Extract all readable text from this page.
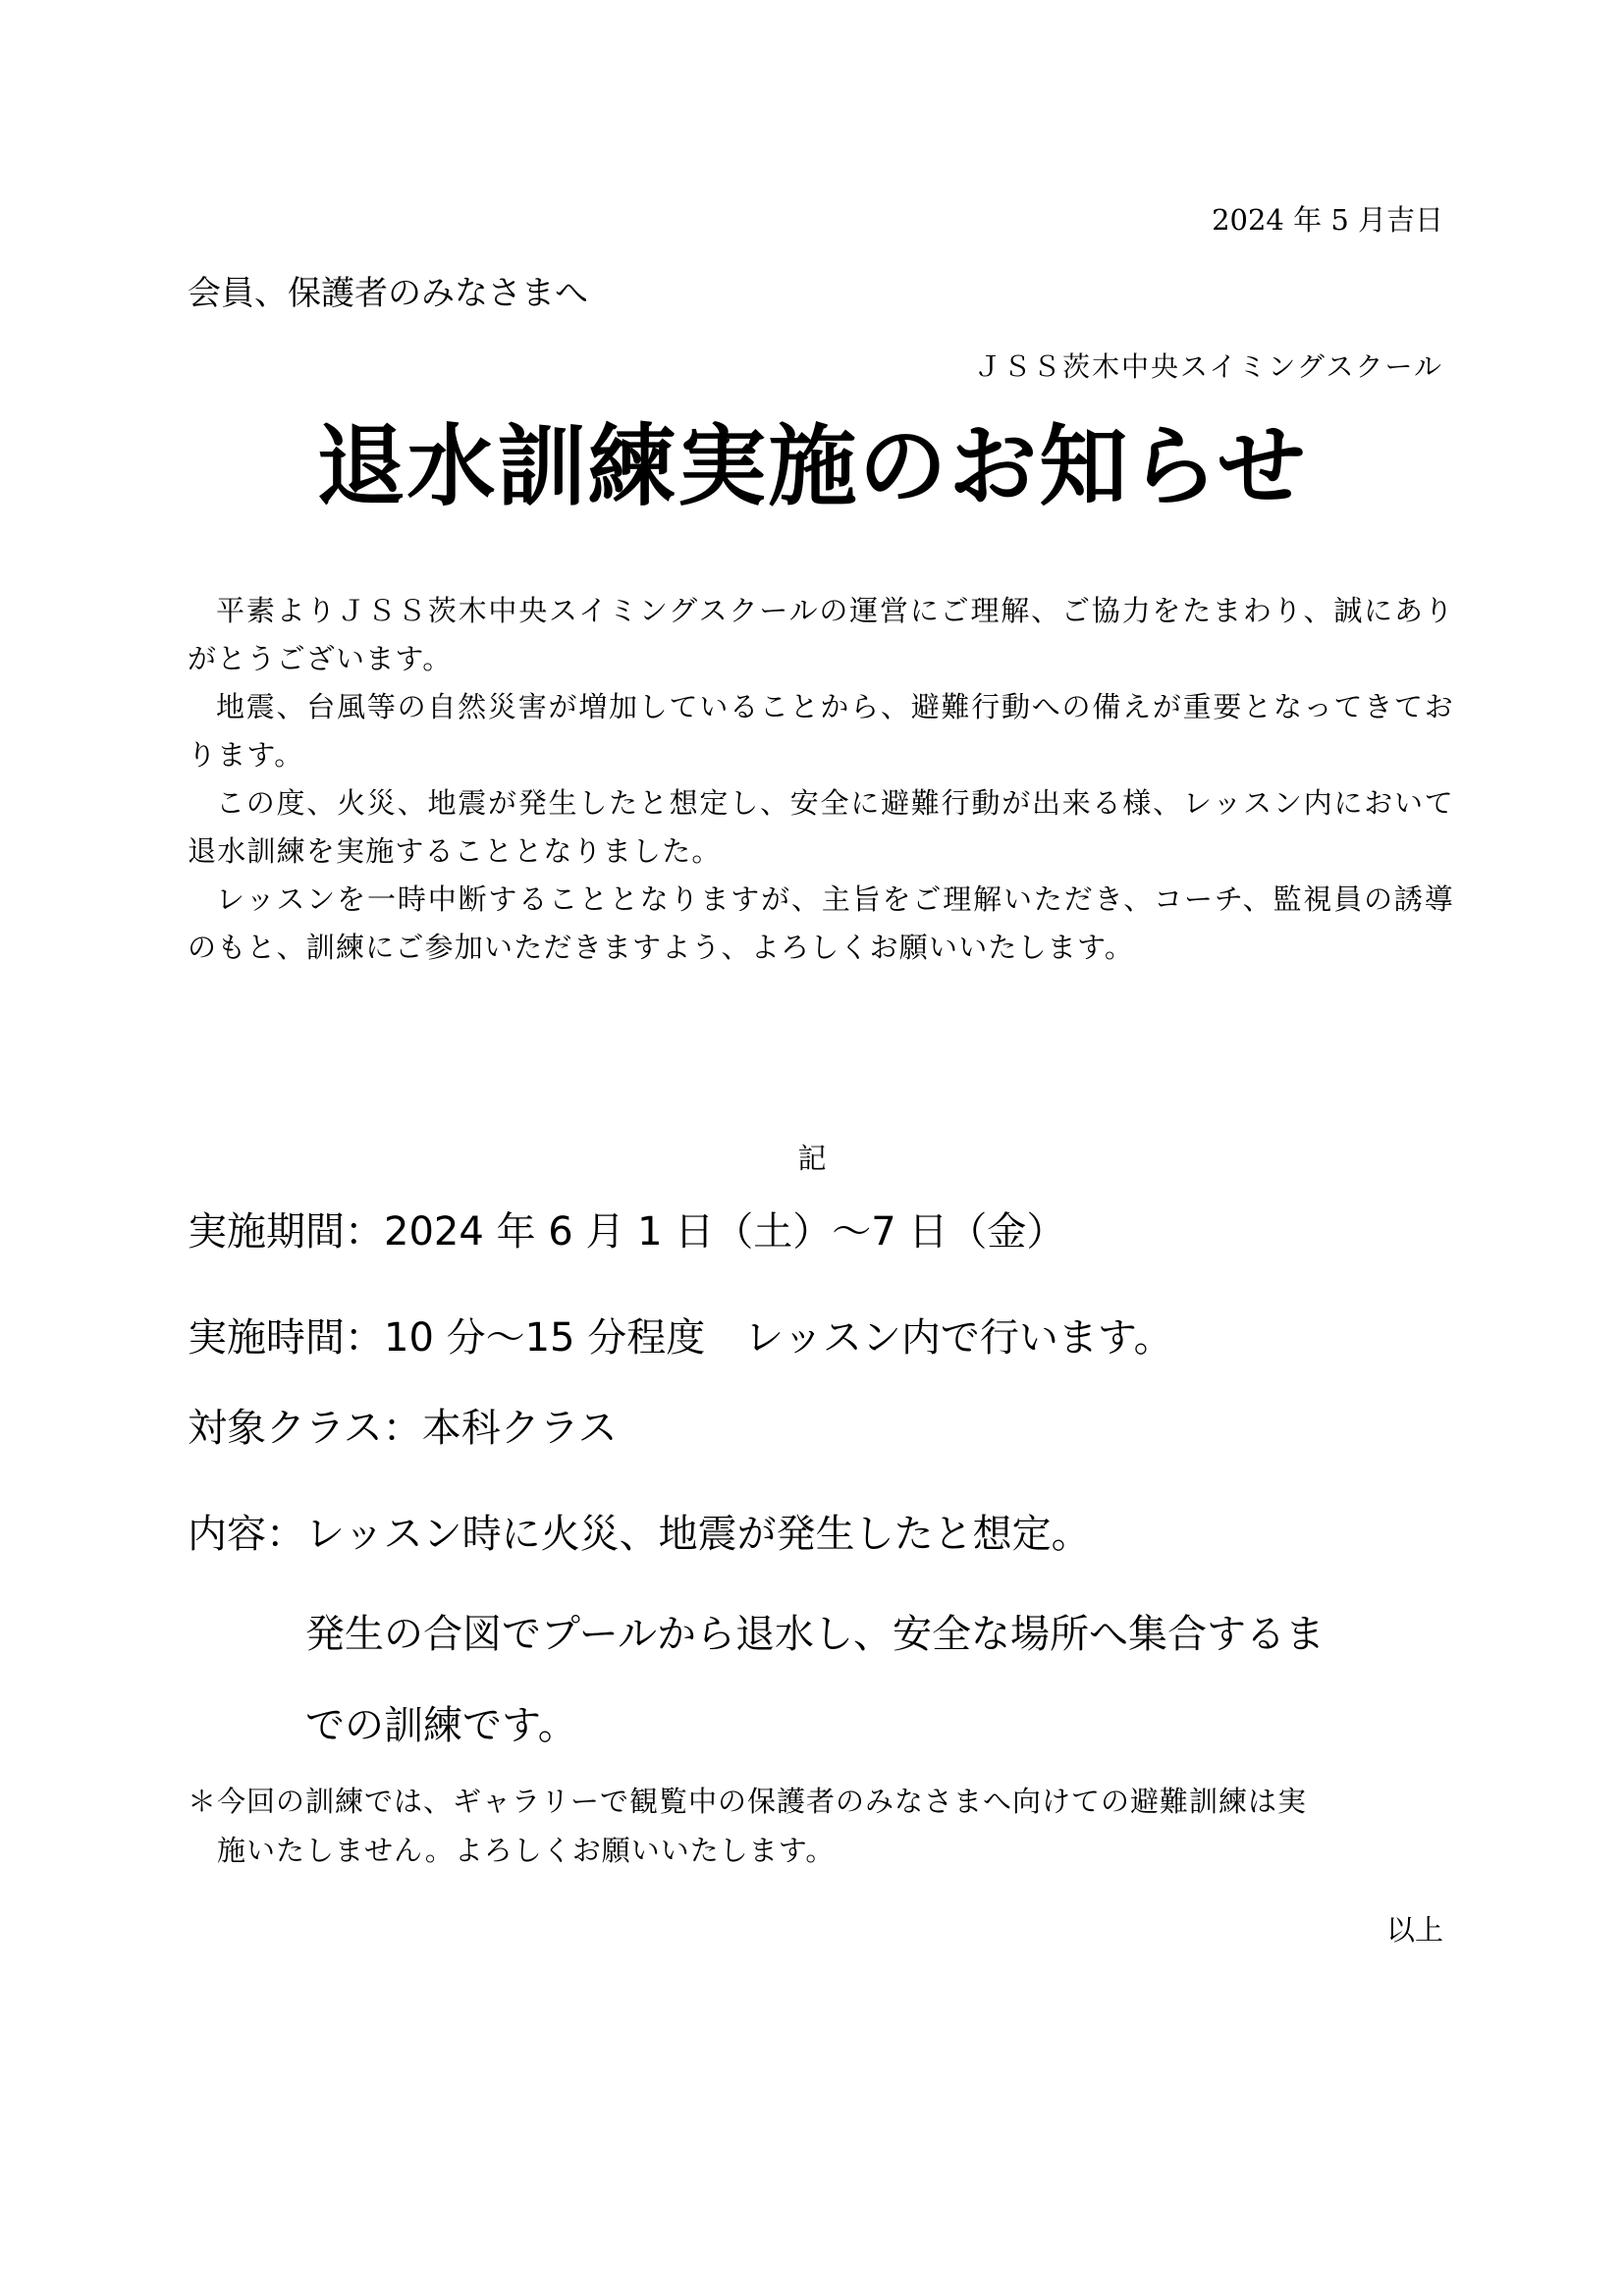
2024 年 5 月吉日
会員、保護者のみなさまへ
ＪＳＳ茨木中央スイミングスクール
退水訓練実施のお知らせ

平素よりＪＳＳ茨木中央スイミングスクールの運営にご理解、ご協力をたまわり、誠にありがとうございます。

地震、台風等の自然災害が増加していることから、避難行動への備えが重要となってきております。

この度、火災、地震が発生したと想定し、安全に避難行動が出来る様、レッスン内において退水訓練を実施することとなりました。

レッスンを一時中断することとなりますが、主旨をご理解いただき、コーチ、監視員の誘導のもと、訓練にご参加いただきますよう、よろしくお願いいたします。

記
実施期間：2024 年 6 月 1 日（土）～7 日（金）
実施時間：10 分～15 分程度　レッスン内で行います。
対象クラス：本科クラス
内容：レッスン時に火災、地震が発生したと想定。
発生の合図でプールから退水し、安全な場所へ集合するま
での訓練です。
＊今回の訓練では、ギャラリーで観覧中の保護者のみなさまへ向けての避難訓練は実
施いたしません。よろしくお願いいたします。
以上
